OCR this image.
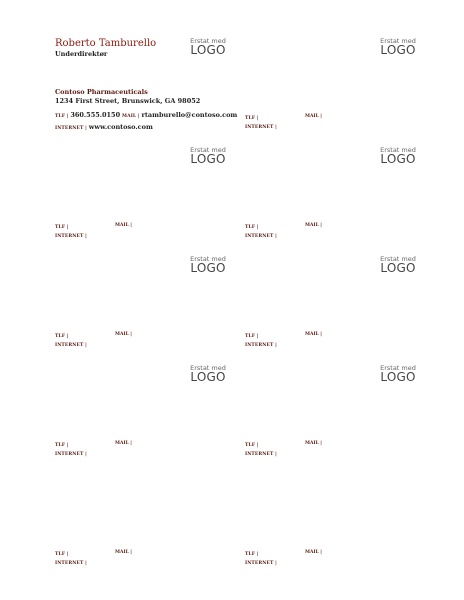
Roberto Tamburello
Underdirektør
Erstat med
LOGO
Contoso Pharmaceuticals
1234 First Street, Brunswick, GA 98052
TLF | 360.555.0150 MAIL | rtamburello@contoso.com
INTERNET | www.contoso.com
Erstat med
LOGO
TLF |	MAIL |
INTERNET |
Erstat med
LOGO
TLF |	MAIL |
INTERNET |
Erstat med
LOGO
TLF |	MAIL |
INTERNET |
Erstat med
LOGO
TLF |	MAIL |
INTERNET |
Erstat med
LOGO
TLF |	MAIL |
INTERNET |
Erstat med
LOGO
TLF |	MAIL |
INTERNET |
Erstat med
LOGO
TLF |	MAIL |
INTERNET |
TLF |	MAIL |
INTERNET |
TLF |	MAIL |
INTERNET |
